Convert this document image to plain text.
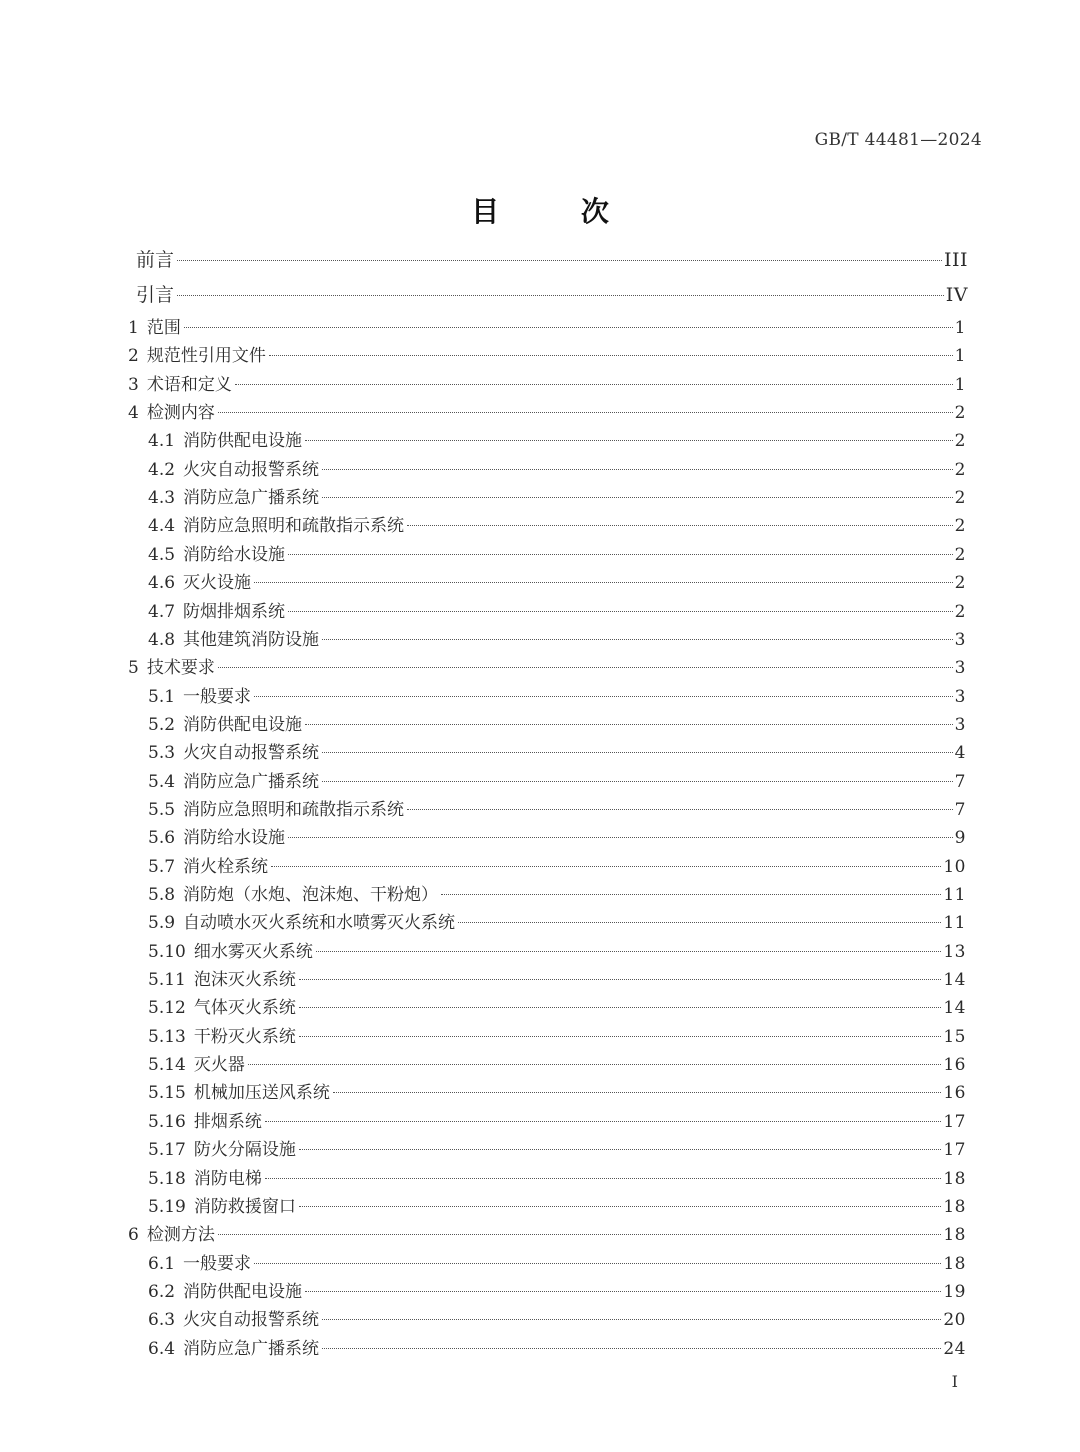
GB/T 44481—2024
目 次
前言	III
引言	IV
1 范围	1
2 规范性引用文件	1
3 术语和定义	1
4 检测内容	2
4.1 消防供配电设施	2
4.2 火灾自动报警系统	2
4.3 消防应急广播系统	2
4.4 消防应急照明和疏散指示系统	2
4.5 消防给水设施	2
4.6 灭火设施	2
4.7 防烟排烟系统	2
4.8 其他建筑消防设施	3
5 技术要求	3
5.1 一般要求	3
5.2 消防供配电设施	3
5.3 火灾自动报警系统	4
5.4 消防应急广播系统	7
5.5 消防应急照明和疏散指示系统	7
5.6 消防给水设施	9
5.7 消火栓系统	10
5.8 消防炮（水炮、泡沫炮、干粉炮）	11
5.9 自动喷水灭火系统和水喷雾灭火系统	11
5.10 细水雾灭火系统	13
5.11 泡沫灭火系统	14
5.12 气体灭火系统	14
5.13 干粉灭火系统	15
5.14 灭火器	16
5.15 机械加压送风系统	16
5.16 排烟系统	17
5.17 防火分隔设施	17
5.18 消防电梯	18
5.19 消防救援窗口	18
6 检测方法	18
6.1 一般要求	18
6.2 消防供配电设施	19
6.3 火灾自动报警系统	20
6.4 消防应急广播系统	24
I
